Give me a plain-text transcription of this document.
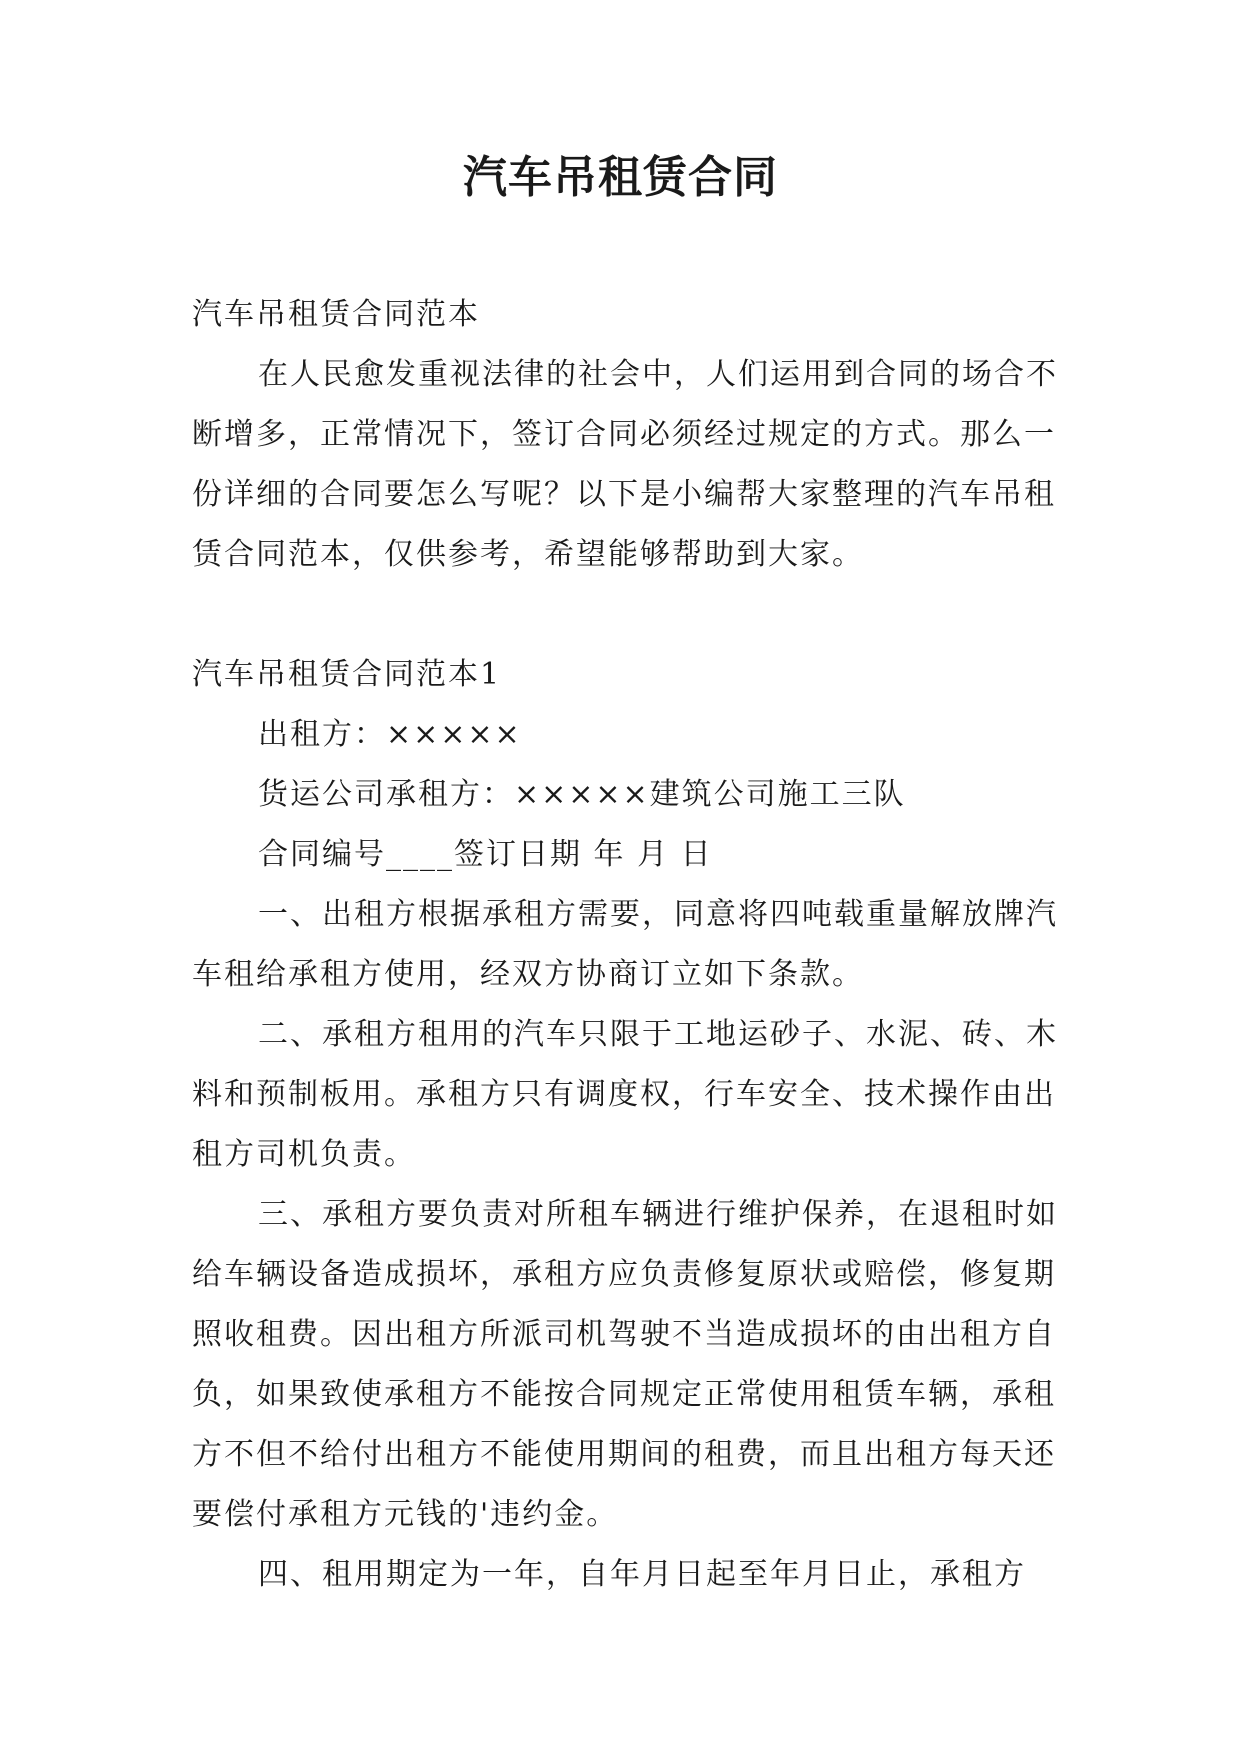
汽车吊租赁合同

汽车吊租赁合同范本

在人民愈发重视法律的社会中，人们运用到合同的场合不断增多，正常情况下，签订合同必须经过规定的方式。那么一份详细的合同要怎么写呢？以下是小编帮大家整理的汽车吊租赁合同范本，仅供参考，希望能够帮助到大家。

汽车吊租赁合同范本1

出租方：×××××

货运公司承租方：×××××建筑公司施工三队

合同编号____签订日期 年 月 日

一、出租方根据承租方需要，同意将四吨载重量解放牌汽车租给承租方使用，经双方协商订立如下条款。

二、承租方租用的汽车只限于工地运砂子、水泥、砖、木料和预制板用。承租方只有调度权，行车安全、技术操作由出租方司机负责。

三、承租方要负责对所租车辆进行维护保养，在退租时如给车辆设备造成损坏，承租方应负责修复原状或赔偿，修复期照收租费。因出租方所派司机驾驶不当造成损坏的由出租方自负，如果致使承租方不能按合同规定正常使用租赁车辆，承租方不但不给付出租方不能使用期间的租费，而且出租方每天还要偿付承租方元钱的'违约金。

四、租用期定为一年，自年月日起至年月日止，承租方
